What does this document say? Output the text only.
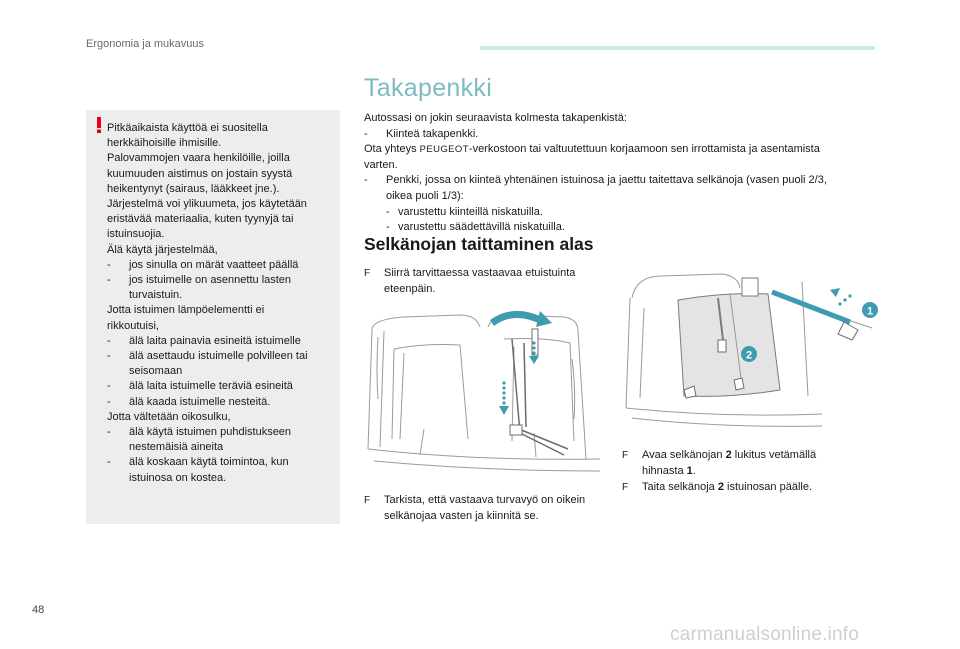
Ergonomia ja mukavuus
Pitkäaikaista käyttöä ei suositella
herkkäihoisille ihmisille.
Palovammojen vaara henkilöille, joilla
kuumuuden aistimus on jostain syystä
heikentynyt (sairaus, lääkkeet jne.).
Järjestelmä voi ylikuumeta, jos käytetään
eristävää materiaalia, kuten tyynyjä tai
istuinsuojia.
Älä käytä järjestelmää,
- jos sinulla on märät vaatteet päällä
- jos istuimelle on asennettu lasten
turvaistuin.
Jotta istuimen lämpöelementti ei
rikkoutuisi,
- älä laita painavia esineitä istuimelle
- älä asettaudu istuimelle polvilleen tai
seisomaan
- älä laita istuimelle teräviä esineitä
- älä kaada istuimelle nesteitä.
Jotta vältetään oikosulku,
- älä käytä istuimen puhdistukseen
nestemäisiä aineita
- älä koskaan käytä toimintoa, kun
istuinosa on kostea.
Takapenkki
Autossasi on jokin seuraavista kolmesta takapenkistä:
- Kiinteä takapenkki.
Ota yhteys PEUGEOT-verkostoon tai valtuutettuun korjaamoon sen irrottamista ja asentamista
varten.
- Penkki, jossa on kiinteä yhtenäinen istuinosa ja jaettu taitettava selkänoja (vasen puoli 2/3,
oikea puoli 1/3):
- varustettu kiinteillä niskatuilla.
- varustettu säädettävillä niskatuilla.
Selkänojan taittaminen alas
F	Siirrä tarvittaessa vastaavaa etuistuinta
eteenpäin.
F	Tarkista, että vastaava turvavyö on oikein
selkänojaa vasten ja kiinnitä se.
1
2
F	Avaa selkänojan 2 lukitus vetämällä
hihnasta 1.
F	Taita selkänoja 2 istuinosan päälle.
48
carmanualsonline.info
